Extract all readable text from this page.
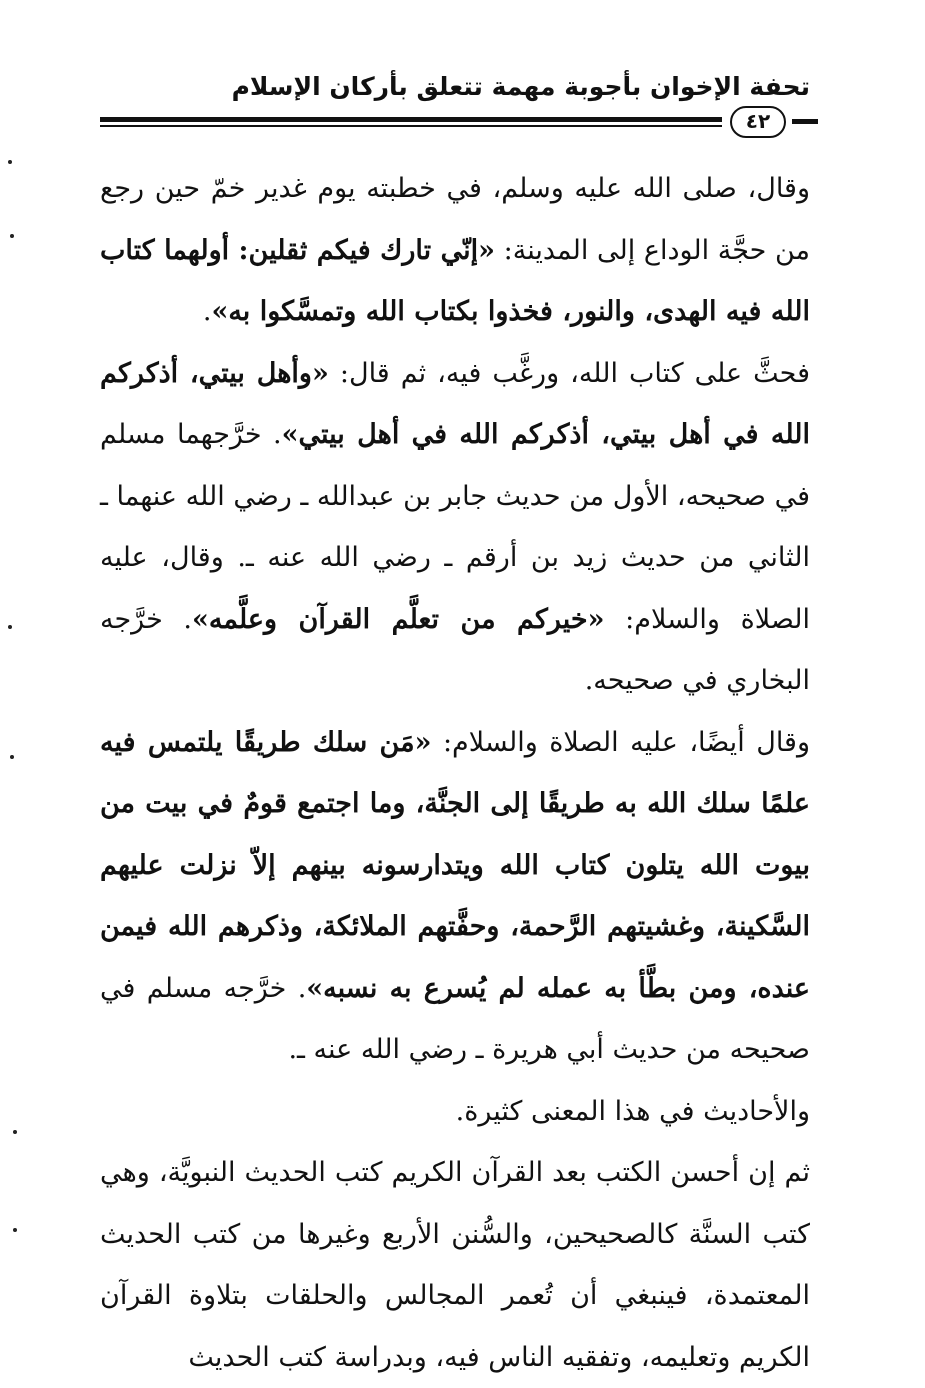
تحفة الإخوان بأجوبة مهمة تتعلق بأركان الإسلام
٤٢

وقال، صلى الله عليه وسلم، في خطبته يوم غدير خمّ حين رجع من حجَّة الوداع إلى المدينة: «إنّي تارك فيكم ثقلين: أولهما كتاب الله فيه الهدى، والنور، فخذوا بكتاب الله وتمسَّكوا به».

فحثَّ على كتاب الله، ورغَّب فيه، ثم قال: «وأهل بيتي، أذكركم الله في أهل بيتي، أذكركم الله في أهل بيتي». خرَّجهما مسلم في صحيحه، الأول من حديث جابر بن عبدالله ـ رضي الله عنهما ـ الثاني من حديث زيد بن أرقم ـ رضي الله عنه ـ. وقال، عليه الصلاة والسلام: «خيركم من تعلَّم القرآن وعلَّمه». خرَّجه البخاري في صحيحه.

وقال أيضًا، عليه الصلاة والسلام: «مَن سلك طريقًا يلتمس فيه علمًا سلك الله به طريقًا إلى الجنَّة، وما اجتمع قومٌ في بيت من بيوت الله يتلون كتاب الله ويتدارسونه بينهم إلاّ نزلت عليهم السَّكينة، وغشيتهم الرَّحمة، وحفَّتهم الملائكة، وذكرهم الله فيمن عنده، ومن بطَّأ به عمله لم يُسرع به نسبه». خرَّجه مسلم في صحيحه من حديث أبي هريرة ـ رضي الله عنه ـ.

والأحاديث في هذا المعنى كثيرة.

ثم إن أحسن الكتب بعد القرآن الكريم كتب الحديث النبويَّة، وهي كتب السنَّة كالصحيحين، والسُّنن الأربع وغيرها من كتب الحديث المعتمدة، فينبغي أن تُعمر المجالس والحلقات بتلاوة القرآن الكريم وتعليمه، وتفقيه الناس فيه، وبدراسة كتب الحديث
